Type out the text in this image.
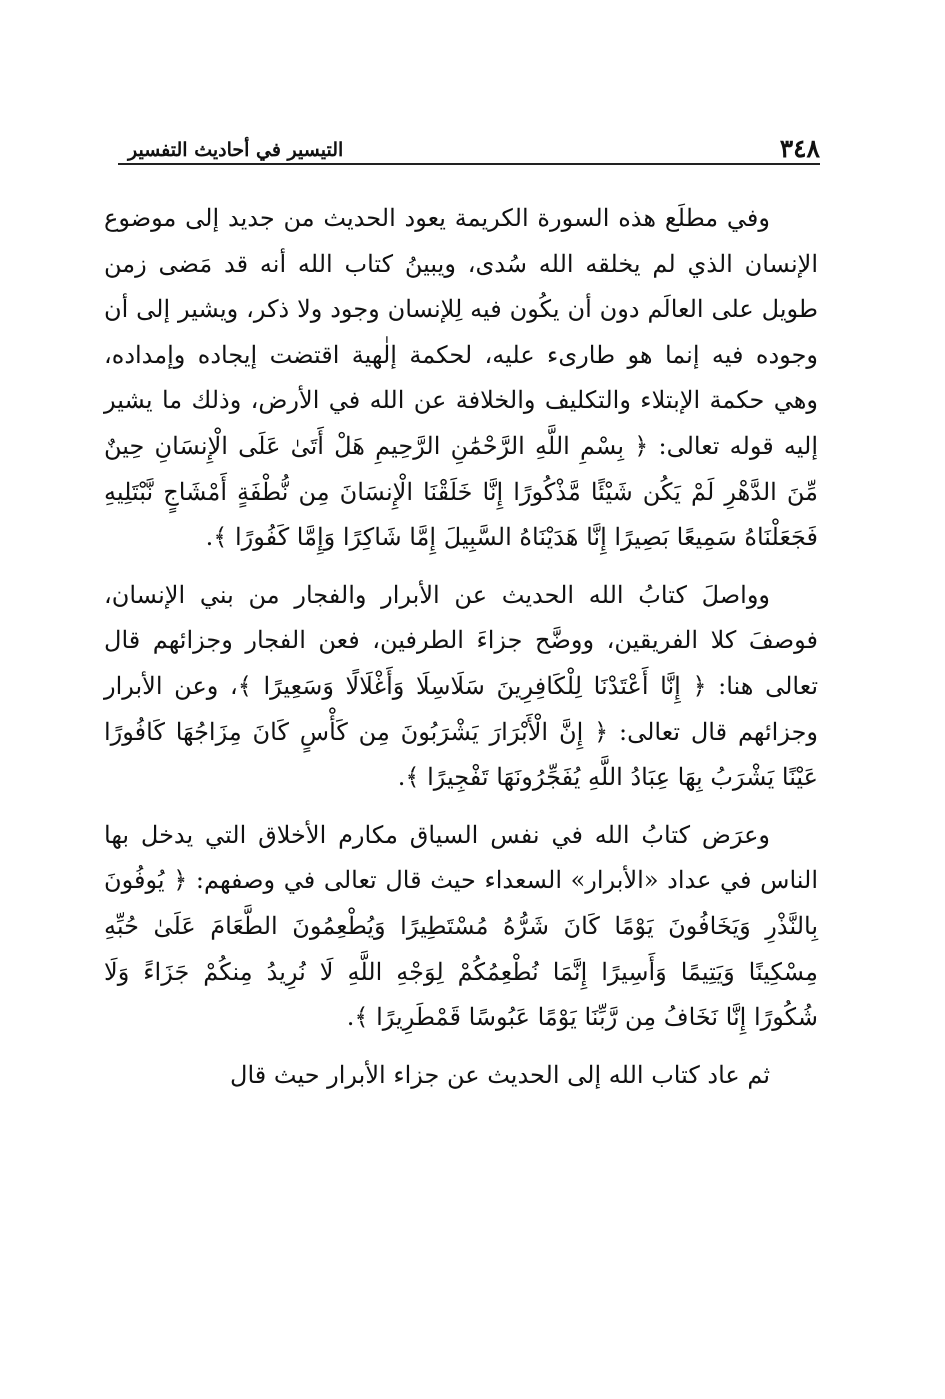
٣٤٨
التيسير في أحاديث التفسير

وفي مطلَع هذه السورة الكريمة يعود الحديث من جديد إلى موضوع الإنسان الذي لم يخلقه الله سُدى، ويبينُ كتاب الله أنه قد مَضى زمن طويل على العالَم دون أن يكُون فيه لِلإنسان وجود ولا ذكر، ويشير إلى أن وجوده فيه إنما هو طارىء عليه، لحكمة إلٰهية اقتضت إيجاده وإمداده، وهي حكمة الإبتلاء والتكليف والخلافة عن الله في الأرض، وذلك ما يشير إليه قوله تعالى: ﴿ بِسْمِ اللَّهِ الرَّحْمَٰنِ الرَّحِيمِ هَلْ أَتَىٰ عَلَى الْإِنسَانِ حِينٌ مِّنَ الدَّهْرِ لَمْ يَكُن شَيْئًا مَّذْكُورًا إِنَّا خَلَقْنَا الْإِنسَانَ مِن نُّطْفَةٍ أَمْشَاجٍ نَّبْتَلِيهِ فَجَعَلْنَاهُ سَمِيعًا بَصِيرًا إِنَّا هَدَيْنَاهُ السَّبِيلَ إِمَّا شَاكِرًا وَإِمَّا كَفُورًا ﴾.

وواصلَ كتابُ الله الحديث عن الأبرار والفجار من بني الإنسان، فوصفَ كلا الفريقين، ووضَّح جزاءَ الطرفين، فعن الفجار وجزائهم قال تعالى هنا: ﴿ إِنَّا أَعْتَدْنَا لِلْكَافِرِينَ سَلَاسِلَا وَأَغْلَالًا وَسَعِيرًا ﴾، وعن الأبرار وجزائهم قال تعالى: ﴿ إِنَّ الْأَبْرَارَ يَشْرَبُونَ مِن كَأْسٍ كَانَ مِزَاجُهَا كَافُورًا عَيْنًا يَشْرَبُ بِهَا عِبَادُ اللَّهِ يُفَجِّرُونَهَا تَفْجِيرًا ﴾.

وعرَض كتابُ الله في نفس السياق مكارم الأخلاق التي يدخل بها الناس في عداد «الأبرار» السعداء حيث قال تعالى في وصفهم: ﴿ يُوفُونَ بِالنَّذْرِ وَيَخَافُونَ يَوْمًا كَانَ شَرُّهُ مُسْتَطِيرًا وَيُطْعِمُونَ الطَّعَامَ عَلَىٰ حُبِّهِ مِسْكِينًا وَيَتِيمًا وَأَسِيرًا إِنَّمَا نُطْعِمُكُمْ لِوَجْهِ اللَّهِ لَا نُرِيدُ مِنكُمْ جَزَاءً وَلَا شُكُورًا إِنَّا نَخَافُ مِن رَّبِّنَا يَوْمًا عَبُوسًا قَمْطَرِيرًا ﴾.

ثم عاد كتاب الله إلى الحديث عن جزاء الأبرار حيث قال
